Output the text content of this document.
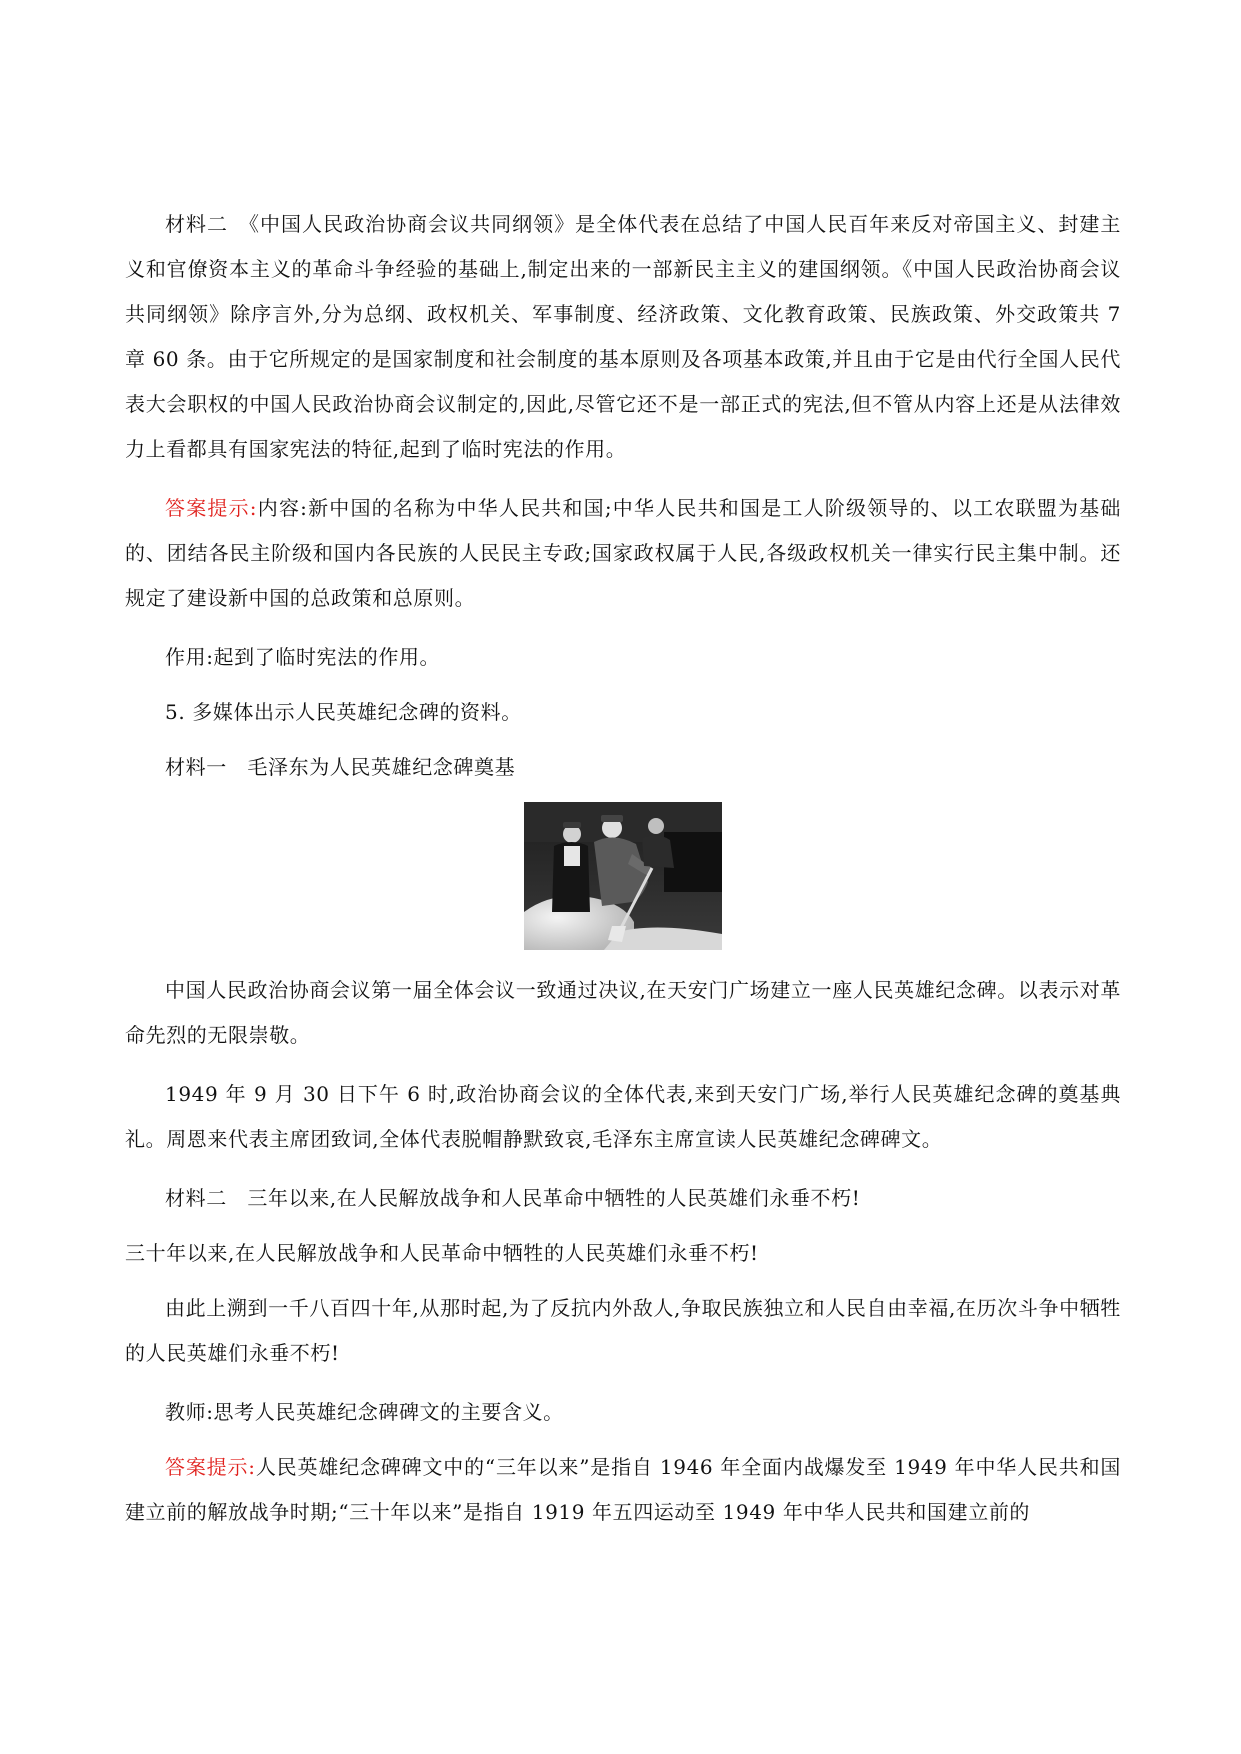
材料二　《中国人民政治协商会议共同纲领》是全体代表在总结了中国人民百年来反对帝国主义、封建主义和官僚资本主义的革命斗争经验的基础上,制定出来的一部新民主主义的建国纲领。《中国人民政治协商会议共同纲领》除序言外,分为总纲、政权机关、军事制度、经济政策、文化教育政策、民族政策、外交政策共 7 章 60 条。由于它所规定的是国家制度和社会制度的基本原则及各项基本政策,并且由于它是由代行全国人民代表大会职权的中国人民政治协商会议制定的,因此,尽管它还不是一部正式的宪法,但不管从内容上还是从法律效力上看都具有国家宪法的特征,起到了临时宪法的作用。

答案提示:内容:新中国的名称为中华人民共和国;中华人民共和国是工人阶级领导的、以工农联盟为基础的、团结各民主阶级和国内各民族的人民民主专政;国家政权属于人民,各级政权机关一律实行民主集中制。还规定了建设新中国的总政策和总原则。

作用:起到了临时宪法的作用。

5. 多媒体出示人民英雄纪念碑的资料。

材料一　毛泽东为人民英雄纪念碑奠基

中国人民政治协商会议第一届全体会议一致通过决议,在天安门广场建立一座人民英雄纪念碑。以表示对革命先烈的无限崇敬。

1949 年 9 月 30 日下午 6 时,政治协商会议的全体代表,来到天安门广场,举行人民英雄纪念碑的奠基典礼。周恩来代表主席团致词,全体代表脱帽静默致哀,毛泽东主席宣读人民英雄纪念碑碑文。

材料二　三年以来,在人民解放战争和人民革命中牺牲的人民英雄们永垂不朽!

三十年以来,在人民解放战争和人民革命中牺牲的人民英雄们永垂不朽!

由此上溯到一千八百四十年,从那时起,为了反抗内外敌人,争取民族独立和人民自由幸福,在历次斗争中牺牲的人民英雄们永垂不朽!

教师:思考人民英雄纪念碑碑文的主要含义。

答案提示:人民英雄纪念碑碑文中的“三年以来”是指自 1946 年全面内战爆发至 1949 年中华人民共和国建立前的解放战争时期;“三十年以来”是指自 1919 年五四运动至 1949 年中华人民共和国建立前的
